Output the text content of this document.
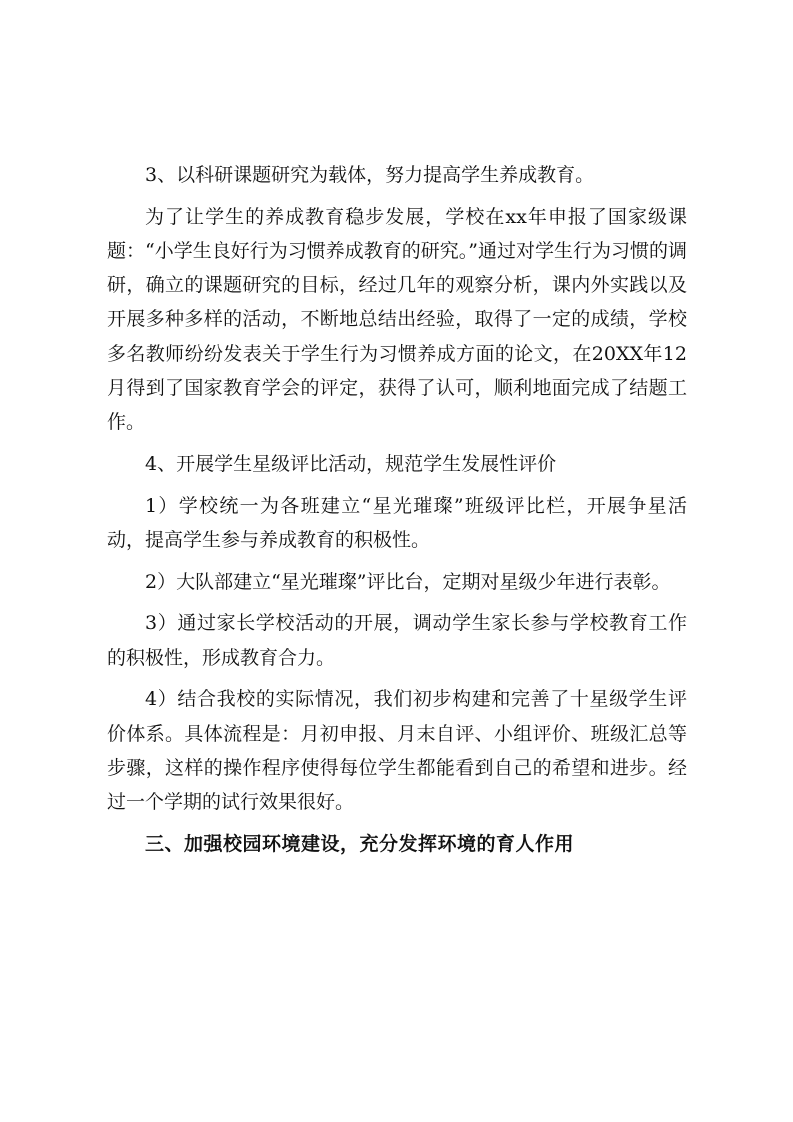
3、以科研课题研究为载体，努力提高学生养成教育。

为了让学生的养成教育稳步发展，学校在xx年申报了国家级课题：“小学生良好行为习惯养成教育的研究。”通过对学生行为习惯的调研，确立的课题研究的目标，经过几年的观察分析，课内外实践以及开展多种多样的活动，不断地总结出经验，取得了一定的成绩，学校多名教师纷纷发表关于学生行为习惯养成方面的论文，在20XX年12月得到了国家教育学会的评定，获得了认可，顺利地面完成了结题工作。

4、开展学生星级评比活动，规范学生发展性评价

1）学校统一为各班建立“星光璀璨”班级评比栏，开展争星活动，提高学生参与养成教育的积极性。

2）大队部建立“星光璀璨”评比台，定期对星级少年进行表彰。

3）通过家长学校活动的开展，调动学生家长参与学校教育工作的积极性，形成教育合力。

4）结合我校的实际情况，我们初步构建和完善了十星级学生评价体系。具体流程是：月初申报、月末自评、小组评价、班级汇总等步骤，这样的操作程序使得每位学生都能看到自己的希望和进步。经过一个学期的试行效果很好。

三、加强校园环境建设，充分发挥环境的育人作用
